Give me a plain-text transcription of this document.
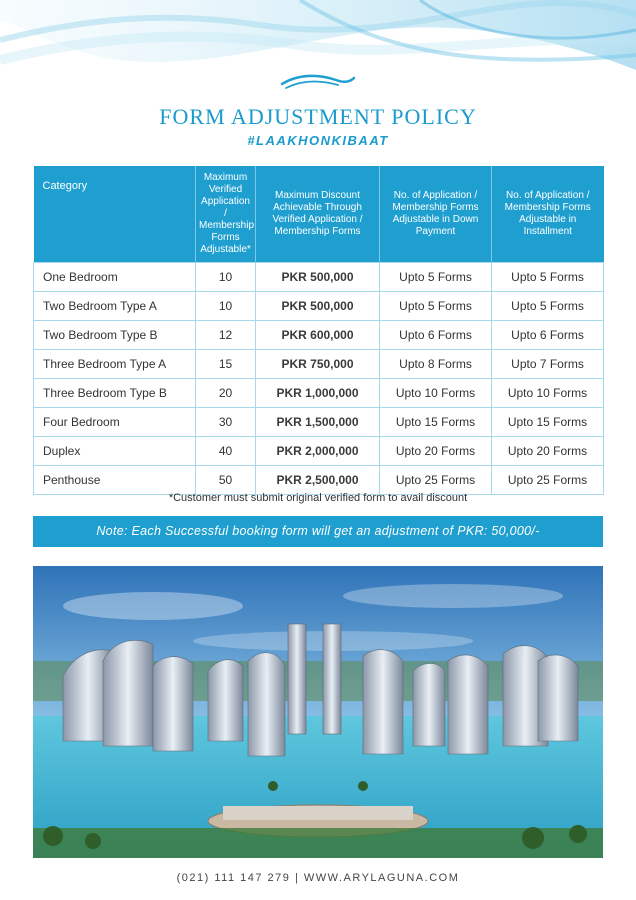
FORM ADJUSTMENT POLICY
#LAAKHONKIBAAT
Category	Maximum Verified Application / Membership Forms Adjustable*	Maximum Discount Achievable Through Verified Application / Membership Forms	No. of Application / Membership Forms Adjustable in Down Payment	No. of Application / Membership Forms Adjustable in Installment
One Bedroom	10	PKR 500,000	Upto 5 Forms	Upto 5 Forms
Two Bedroom Type A	10	PKR 500,000	Upto 5 Forms	Upto 5 Forms
Two Bedroom Type B	12	PKR 600,000	Upto 6 Forms	Upto 6 Forms
Three Bedroom Type A	15	PKR 750,000	Upto 8 Forms	Upto 7 Forms
Three Bedroom Type B	20	PKR 1,000,000	Upto 10 Forms	Upto 10 Forms
Four Bedroom	30	PKR 1,500,000	Upto 15 Forms	Upto 15 Forms
Duplex	40	PKR 2,000,000	Upto 20 Forms	Upto 20 Forms
Penthouse	50	PKR 2,500,000	Upto 25 Forms	Upto 25 Forms
*Customer must submit original verified form to avail discount
Note: Each Successful booking form will get an adjustment of PKR: 50,000/-
(021) 111 147 279 | WWW.ARYLAGUNA.COM
